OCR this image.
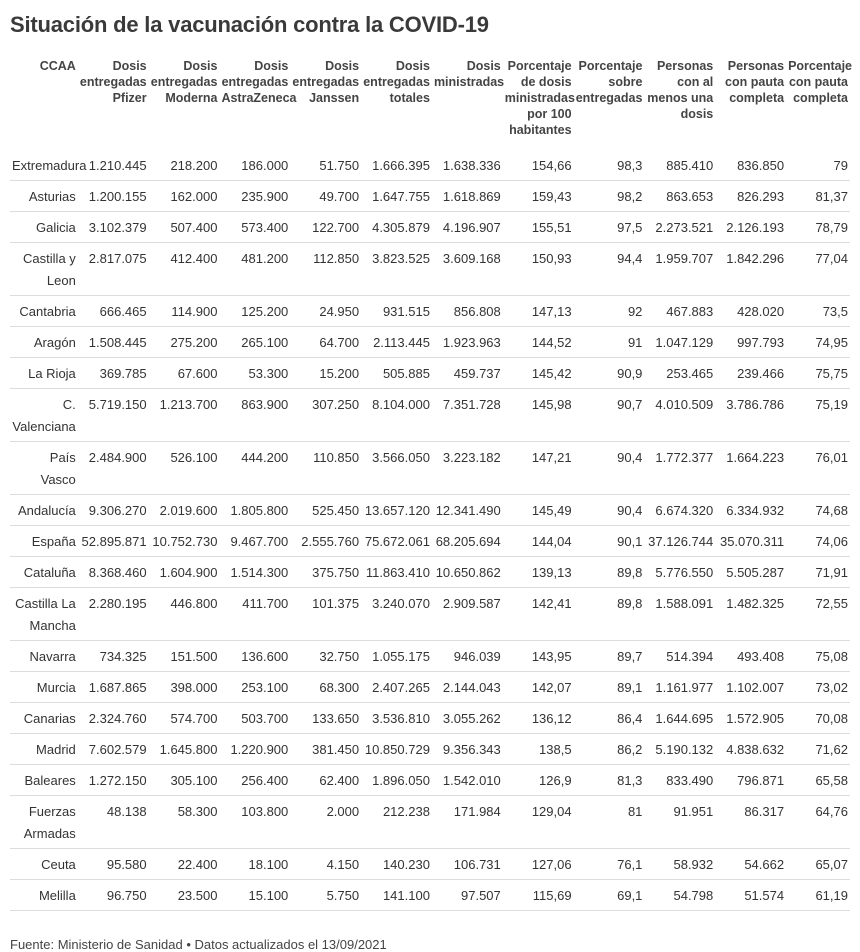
Situación de la vacunación contra la COVID-19
CCAA	Dosis entregadas Pfizer	Dosis entregadas Moderna	Dosis entregadas AstraZeneca	Dosis entregadas Janssen	Dosis entregadas totales	Dosis ministradas	Porcentaje de dosis ministradas por 100 habitantes	Porcentaje sobre entregadas	Personas con al menos una dosis	Personas con pauta completa	Porcentaje con pauta completa
Extremadura	1.210.445	218.200	186.000	51.750	1.666.395	1.638.336	154,66	98,3	885.410	836.850	79
Asturias	1.200.155	162.000	235.900	49.700	1.647.755	1.618.869	159,43	98,2	863.653	826.293	81,37
Galicia	3.102.379	507.400	573.400	122.700	4.305.879	4.196.907	155,51	97,5	2.273.521	2.126.193	78,79
Castilla y Leon	2.817.075	412.400	481.200	112.850	3.823.525	3.609.168	150,93	94,4	1.959.707	1.842.296	77,04
Cantabria	666.465	114.900	125.200	24.950	931.515	856.808	147,13	92	467.883	428.020	73,5
Aragón	1.508.445	275.200	265.100	64.700	2.113.445	1.923.963	144,52	91	1.047.129	997.793	74,95
La Rioja	369.785	67.600	53.300	15.200	505.885	459.737	145,42	90,9	253.465	239.466	75,75
C. Valenciana	5.719.150	1.213.700	863.900	307.250	8.104.000	7.351.728	145,98	90,7	4.010.509	3.786.786	75,19
País Vasco	2.484.900	526.100	444.200	110.850	3.566.050	3.223.182	147,21	90,4	1.772.377	1.664.223	76,01
Andalucía	9.306.270	2.019.600	1.805.800	525.450	13.657.120	12.341.490	145,49	90,4	6.674.320	6.334.932	74,68
España	52.895.871	10.752.730	9.467.700	2.555.760	75.672.061	68.205.694	144,04	90,1	37.126.744	35.070.311	74,06
Cataluña	8.368.460	1.604.900	1.514.300	375.750	11.863.410	10.650.862	139,13	89,8	5.776.550	5.505.287	71,91
Castilla La Mancha	2.280.195	446.800	411.700	101.375	3.240.070	2.909.587	142,41	89,8	1.588.091	1.482.325	72,55
Navarra	734.325	151.500	136.600	32.750	1.055.175	946.039	143,95	89,7	514.394	493.408	75,08
Murcia	1.687.865	398.000	253.100	68.300	2.407.265	2.144.043	142,07	89,1	1.161.977	1.102.007	73,02
Canarias	2.324.760	574.700	503.700	133.650	3.536.810	3.055.262	136,12	86,4	1.644.695	1.572.905	70,08
Madrid	7.602.579	1.645.800	1.220.900	381.450	10.850.729	9.356.343	138,5	86,2	5.190.132	4.838.632	71,62
Baleares	1.272.150	305.100	256.400	62.400	1.896.050	1.542.010	126,9	81,3	833.490	796.871	65,58
Fuerzas Armadas	48.138	58.300	103.800	2.000	212.238	171.984	129,04	81	91.951	86.317	64,76
Ceuta	95.580	22.400	18.100	4.150	140.230	106.731	127,06	76,1	58.932	54.662	65,07
Melilla	96.750	23.500	15.100	5.750	141.100	97.507	115,69	69,1	54.798	51.574	61,19
Fuente: Ministerio de Sanidad • Datos actualizados el 13/09/2021
